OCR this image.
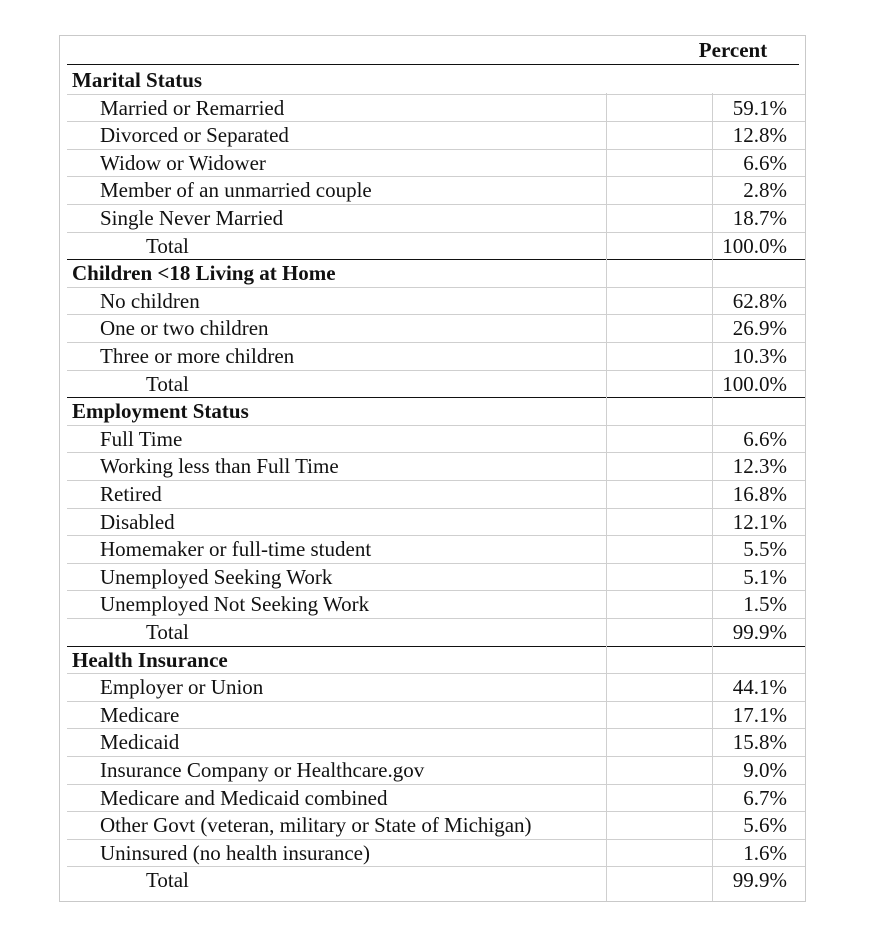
Percent
Marital Status
Married or Remarried	59.1%
Divorced or Separated	12.8%
Widow or Widower	6.6%
Member of an unmarried couple	2.8%
Single Never Married	18.7%
Total	100.0%
Children <18 Living at Home
No children	62.8%
One or two children	26.9%
Three or more children	10.3%
Total	100.0%
Employment Status
Full Time	6.6%
Working less than Full Time	12.3%
Retired	16.8%
Disabled	12.1%
Homemaker or full-time student	5.5%
Unemployed Seeking Work	5.1%
Unemployed Not Seeking Work	1.5%
Total	99.9%
Health Insurance
Employer or Union	44.1%
Medicare	17.1%
Medicaid	15.8%
Insurance Company or Healthcare.gov	9.0%
Medicare and Medicaid combined	6.7%
Other Govt (veteran, military or State of Michigan)	5.6%
Uninsured (no health insurance)	1.6%
Total	99.9%
